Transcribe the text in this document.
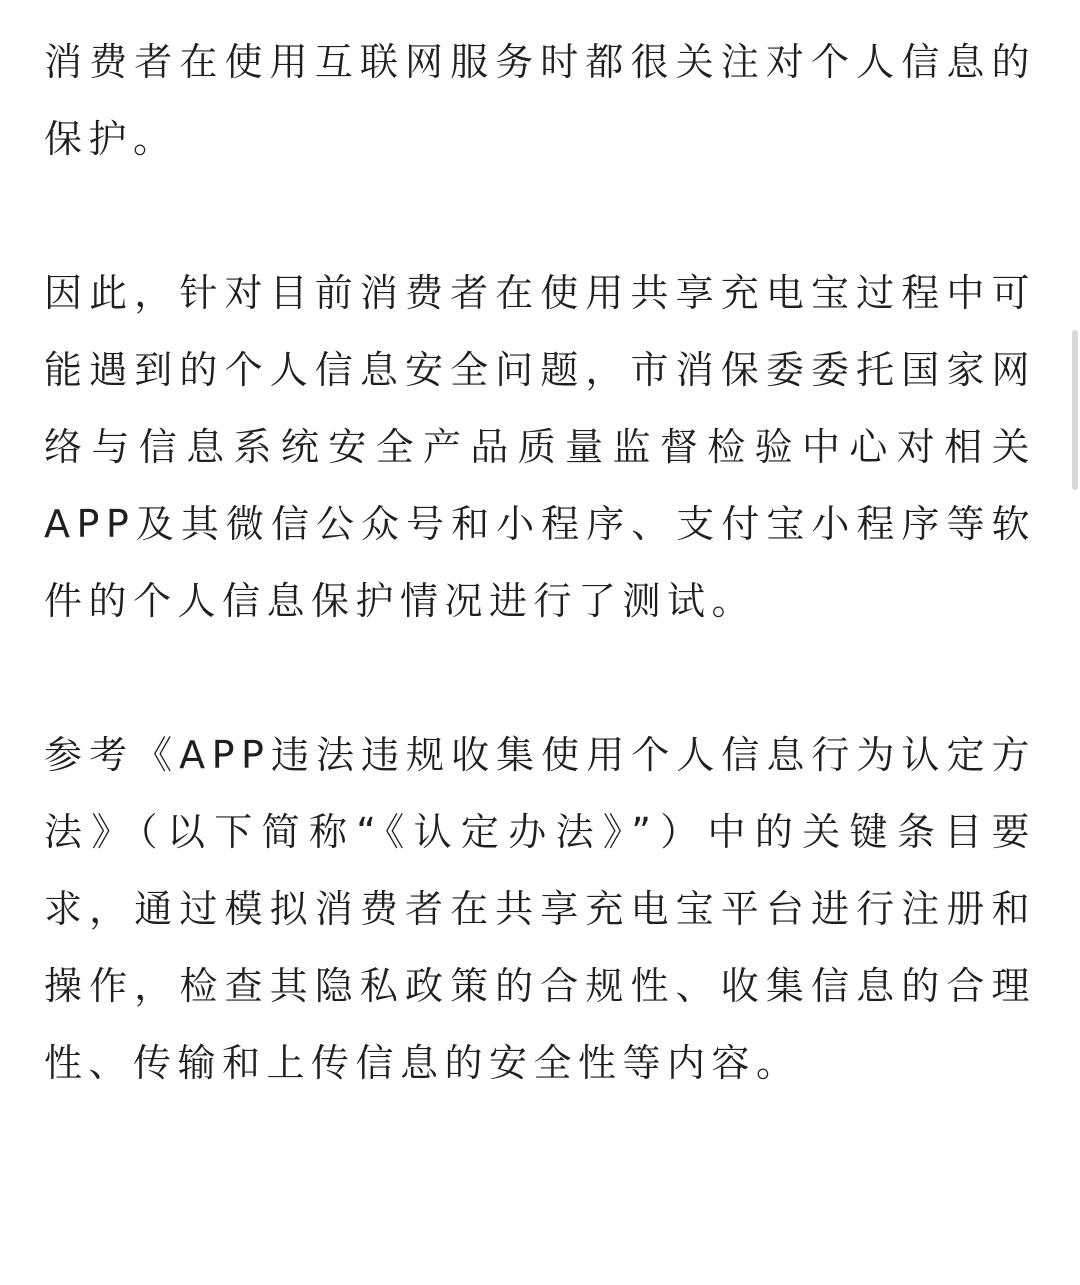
消费者在使用互联网服务时都很关注对个人信息的保护。

因此，针对目前消费者在使用共享充电宝过程中可能遇到的个人信息安全问题，市消保委委托国家网络与信息系统安全产品质量监督检验中心对相关APP及其微信公众号和小程序、支付宝小程序等软件的个人信息保护情况进行了测试。

参考《APP违法违规收集使用个人信息行为认定方法》（以下简称“《认定办法》”）中的关键条目要求，通过模拟消费者在共享充电宝平台进行注册和操作，检查其隐私政策的合规性、收集信息的合理性、传输和上传信息的安全性等内容。
